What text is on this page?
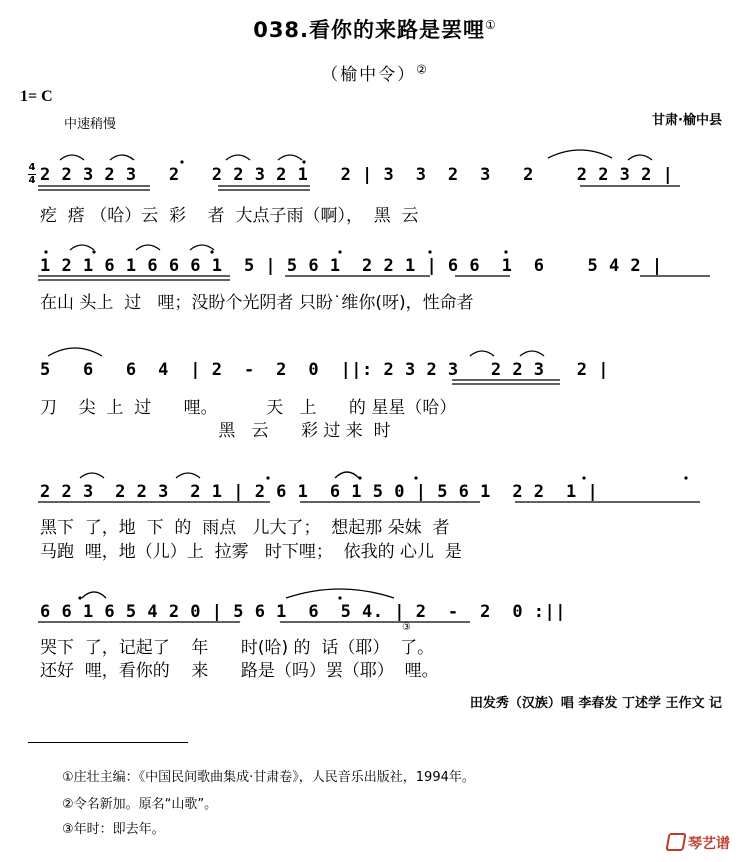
038.看你的来路是罢哩①
（榆中令）②
1= C
中速稍慢	甘肃·榆中县
4
4 2 2 3 2 3   2   2 2 3 2 1   2 | 3  3  2  3   2    2 2 3 2 |
疙  瘩 （哈）云  彩    者  大点子雨（啊），  黑  云
1 2 1 6 1 6 6 6 1  5 | 5 6 1  2 2 1 | 6 6  1  6    5 4 2 |
在山 头上  过   哩；没盼个光阴者 只盼˙维你(呀)，性命者
5   6   6  4  | 2  -  2  0  ||: 2 3 2 3   2 2 3   2 |
刀    尖  上  过      哩。         天   上      的 星星（哈）
黑   云      彩 过 来  时
2 2 3  2 2 3  2 1 | 2 6 1  6 1 5 0 | 5 6 1  2 2  1 |
黑下  了，地  下  的  雨点   儿大了；  想起那 朵妹  者
马跑  哩，地（儿）上  拉雾   时下哩；  依我的 心儿  是
6 6 1 6 5 4 2 0 | 5 6 1  6  5 4. | 2  -  2  0 :||
哭下  了，记起了    年      时(哈) 的  话（耶）  了。
还好  哩，看你的    来      路是（吗）罢（耶）  哩。
③
田发秀（汉族）唱 李春发 丁述学 王作文 记
①庄壮主编：《中国民间歌曲集成·甘肃卷》，人民音乐出版社，1994年。
②令名新加。原名“山歌”。
③年时：即去年。
琴艺谱
